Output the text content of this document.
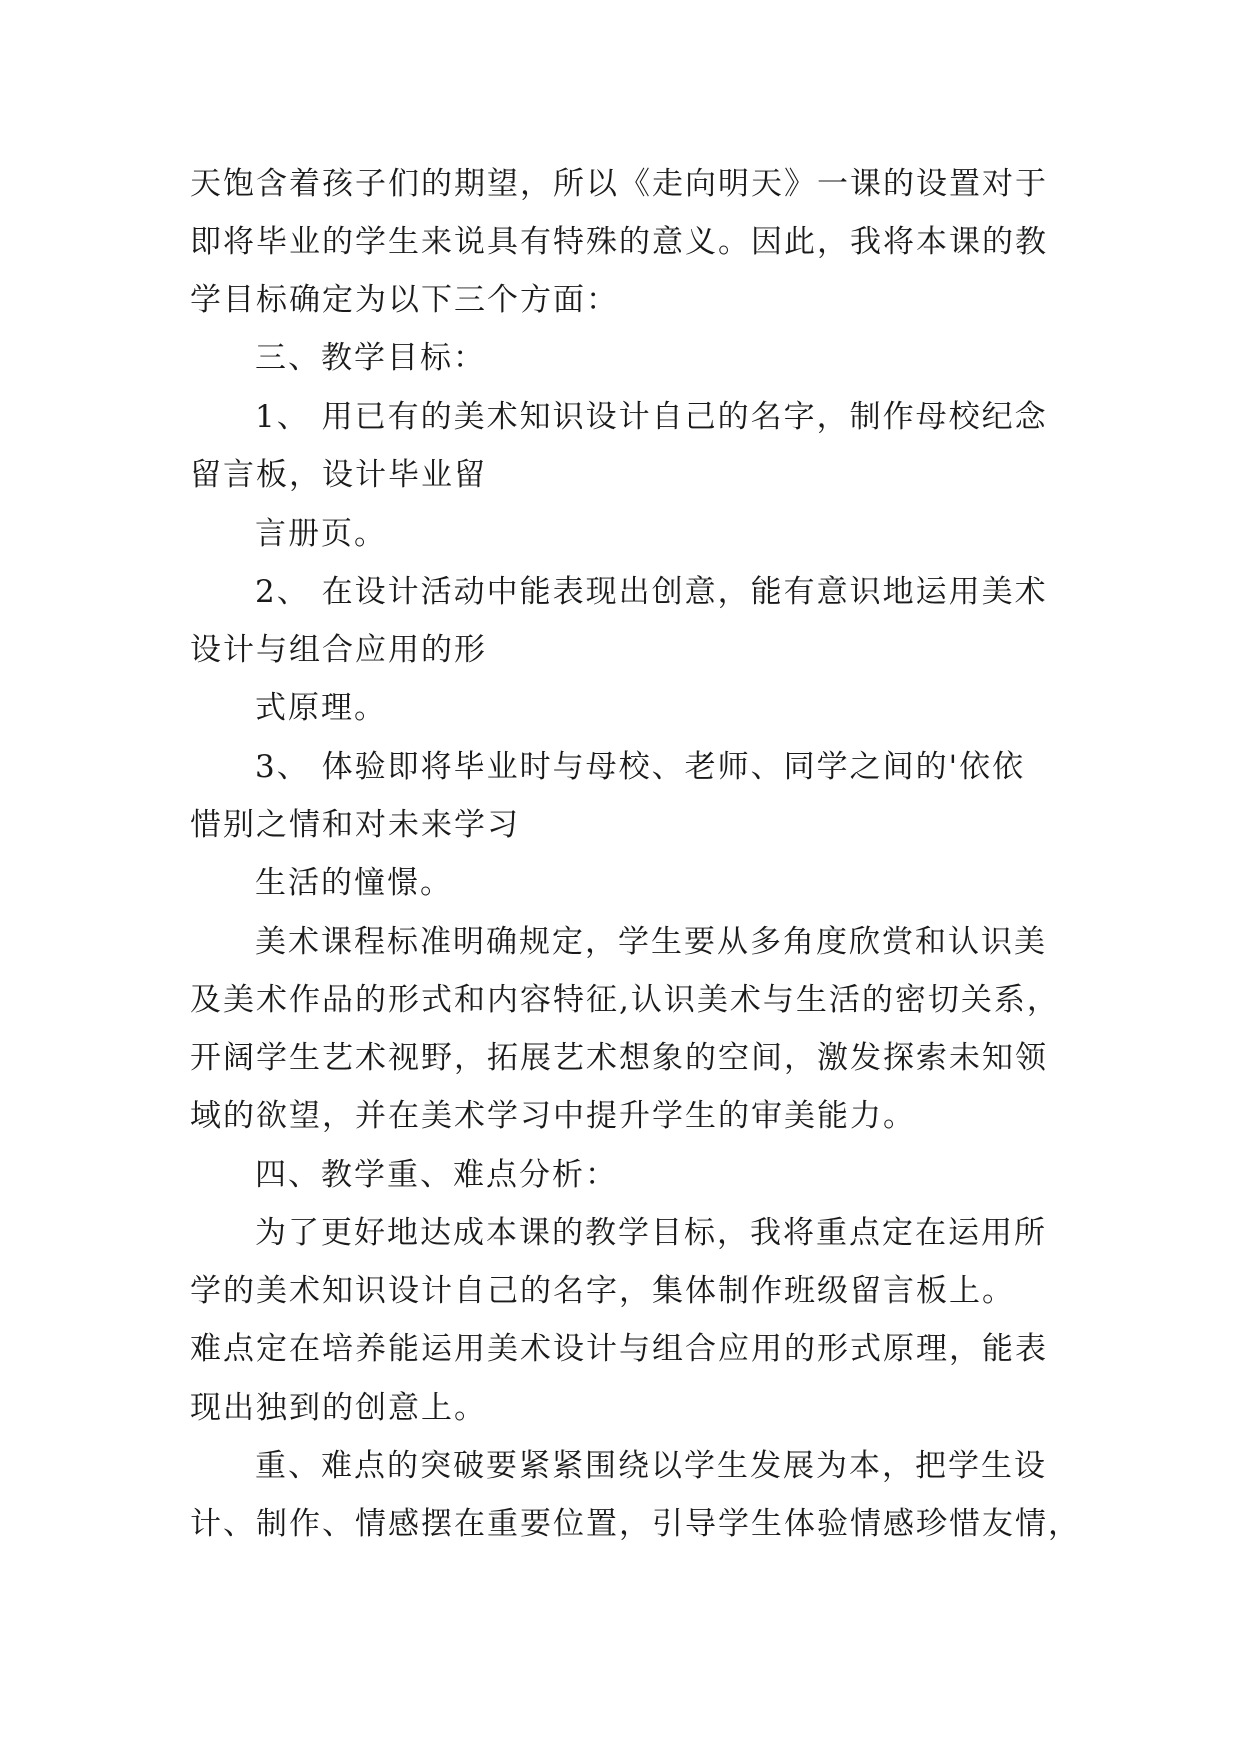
天饱含着孩子们的期望，所以《走向明天》一课的设置对于
即将毕业的学生来说具有特殊的意义。因此，我将本课的教
学目标确定为以下三个方面：
三、教学目标：
1、 用已有的美术知识设计自己的名字，制作母校纪念
留言板，设计毕业留
言册页。
2、 在设计活动中能表现出创意，能有意识地运用美术
设计与组合应用的形
式原理。
3、 体验即将毕业时与母校、老师、同学之间的'依依
惜别之情和对未来学习
生活的憧憬。
美术课程标准明确规定，学生要从多角度欣赏和认识美
及美术作品的形式和内容特征,认识美术与生活的密切关系，
开阔学生艺术视野，拓展艺术想象的空间，激发探索未知领
域的欲望，并在美术学习中提升学生的审美能力。
四、教学重、难点分析：
为了更好地达成本课的教学目标，我将重点定在运用所
学的美术知识设计自己的名字，集体制作班级留言板上。
难点定在培养能运用美术设计与组合应用的形式原理，能表
现出独到的创意上。
重、难点的突破要紧紧围绕以学生发展为本，把学生设
计、制作、情感摆在重要位置，引导学生体验情感珍惜友情，
